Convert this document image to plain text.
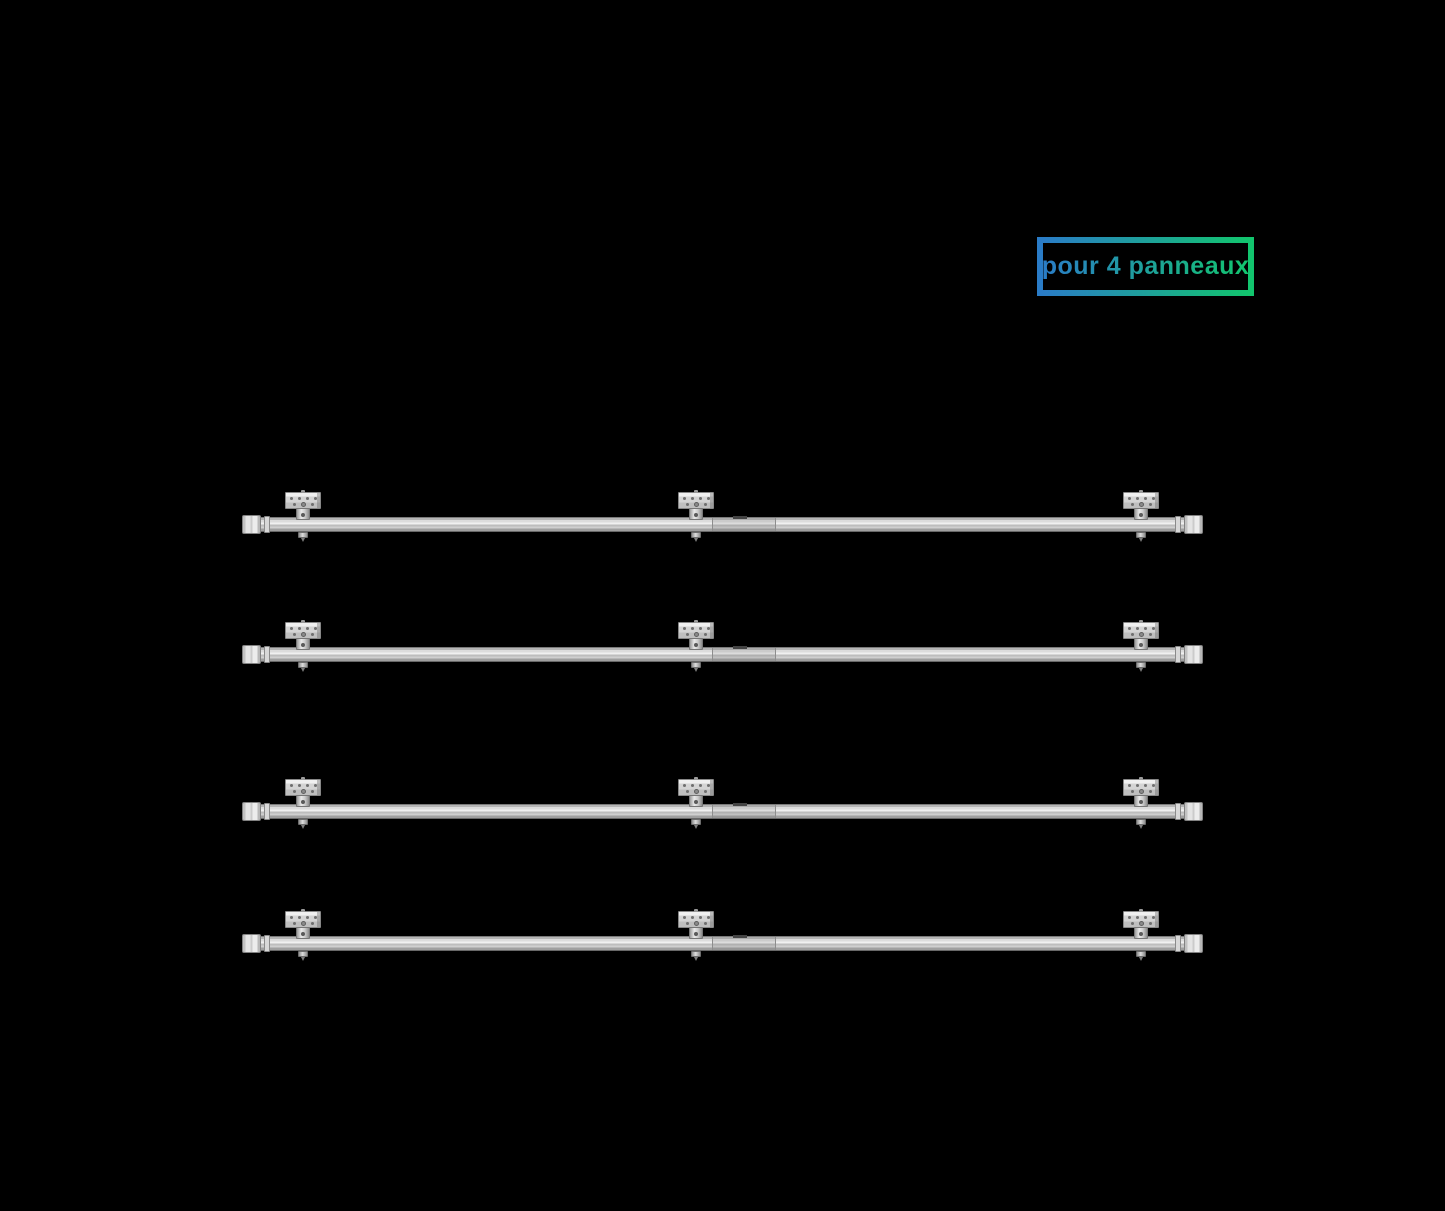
pour 4 panneaux
